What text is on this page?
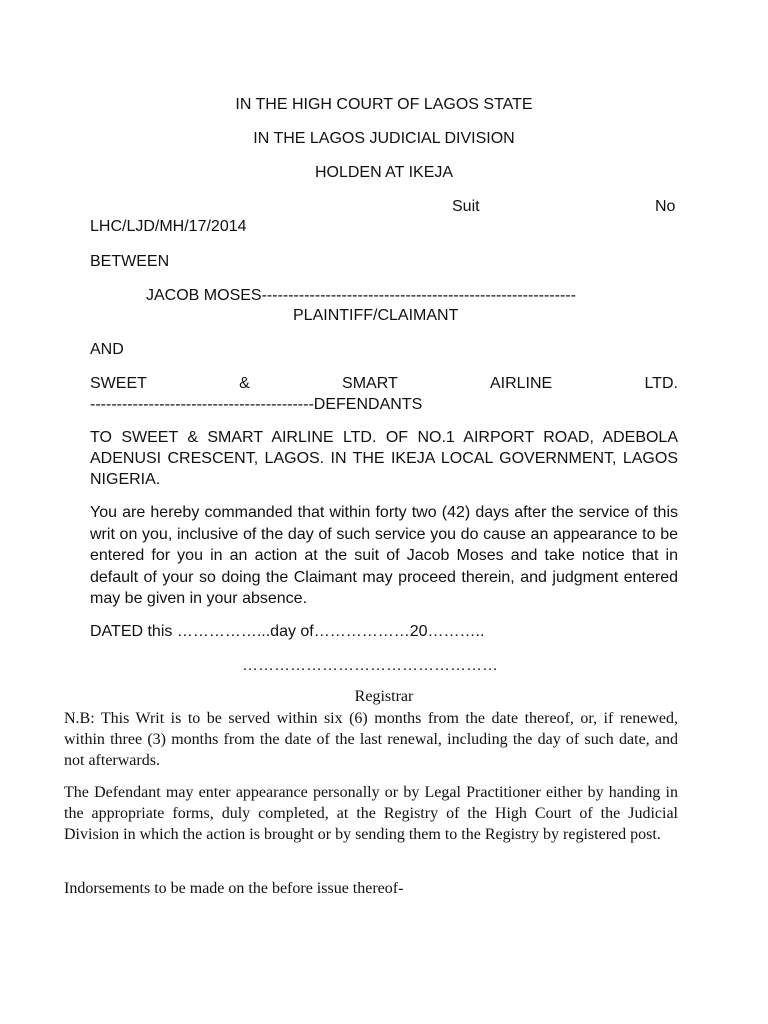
IN THE HIGH COURT OF LAGOS STATE
IN THE LAGOS JUDICIAL DIVISION
HOLDEN AT IKEJA
Suit	No
LHC/LJD/MH/17/2014
BETWEEN
JACOB MOSES-----------------------------------------------------------
PLAINTIFF/CLAIMANT
AND
SWEET	&	SMART	AIRLINE	LTD.
------------------------------------------DEFENDANTS
TO SWEET & SMART AIRLINE LTD. OF NO.1 AIRPORT ROAD, ADEBOLA ADENUSI CRESCENT, LAGOS. IN THE IKEJA LOCAL GOVERNMENT, LAGOS NIGERIA.
You are hereby commanded that within forty two (42) days after the service of this writ on you, inclusive of the day of such service you do cause an appearance to be entered for you in an action at the suit of Jacob Moses and take notice that in default of your so doing the Claimant may proceed therein, and judgment entered may be given in your absence.
DATED this ……………...day of………………20………..
…………………………………………
Registrar
N.B: This Writ is to be served within six (6) months from the date thereof, or, if renewed, within three (3) months from the date of the last renewal, including the day of such date, and not afterwards.
The Defendant may enter appearance personally or by Legal Practitioner either by handing in the appropriate forms, duly completed, at the Registry of the High Court of the Judicial Division in which the action is brought or by sending them to the Registry by registered post.
Indorsements to be made on the before issue thereof-
